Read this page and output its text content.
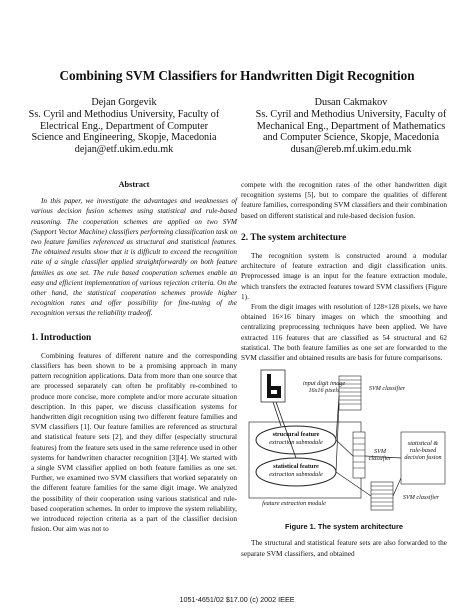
Combining SVM Classifiers for Handwritten Digit Recognition
Dejan Gorgevik
Ss. Cyril and Methodius University, Faculty of
Electrical Eng., Department of Computer
Science and Engineering, Skopje, Macedonia
dejan@etf.ukim.edu.mk
Dusan Cakmakov
Ss. Cyril and Methodius University, Faculty of
Mechanical Eng., Department of Mathematics
and Computer Science, Skopje, Macedonia
dusan@ereb.mf.ukim.edu.mk
Abstract

In this paper, we investigate the advantages and weaknesses of various decision fusion schemes using statistical and rule-based reasoning. The cooperation schemes are applied on two SVM (Support Vector Machine) classifiers performing classification task on two feature families referenced as structural and statistical features. The obtained results show that it is difficult to exceed the recognition rate of a single classifier applied straightforwardly on both feature families as one set. The rule based cooperation schemes enable an easy and efficient implementation of various rejection criteria. On the other hand, the statistical cooperation schemes provide higher recognition rates and offer possibility for fine-tuning of the recognition versus the reliability tradeoff.

1. Introduction

Combining features of different nature and the corresponding classifiers has been shown to be a promising approach in many pattern recognition applications. Data from more than one source that are processed separately can often be profitably re-combined to produce more concise, more complete and/or more accurate situation description. In this paper, we discuss classification systems for handwritten digit recognition using two different feature families and SVM classifiers [1]. Our feature families are referenced as structural and statistical feature sets [2], and they differ (especially structural features) from the feature sets used in the same reference used in other systems for handwritten character recognition [3][4]. We started with a single SVM classifier applied on both feature families as one set. Further, we examined two SVM classifiers that worked separately on the different feature families for the same digit image. We analyzed the possibility of their cooperation using various statistical and rule-based cooperation schemes. In order to improve the system reliability, we introduced rejection criteria as a part of the classifier decision fusion. Our aim was not to

compete with the recognition rates of the other handwritten digit recognition systems [5], but to compare the qualities of different feature families, corresponding SVM classifiers and their combination based on different statistical and rule-based decision fusion.

2. The system architecture

The recognition system is constructed around a modular architecture of feature extraction and digit classification units. Preprocessed image is an input for the feature extraction module, which transfers the extracted features toward SVM classifiers (Figure 1).

From the digit images with resolution of 128×128 pixels, we have obtained 16×16 binary images on which the smoothing and centralizing preprocessing techniques have been applied. We have extracted 116 features that are classified as 54 structural and 62 statistical. The both feature families as one set are forwarded to the SVM classifier and obtained results are basis for future comparisons.

input digit image 16x16 pixels	SVM classifier
structural feature
extraction submodule
statistical feature
extraction submodule
SVM classifier
statistical & rule-based decision fusion
feature extraction module
SVM classifier
Figure 1. The system architecture

The structural and statistical feature sets are also forwarded to the separate SVM classifiers, and obtained

1051-4651/02 $17.00 (c) 2002 IEEE
